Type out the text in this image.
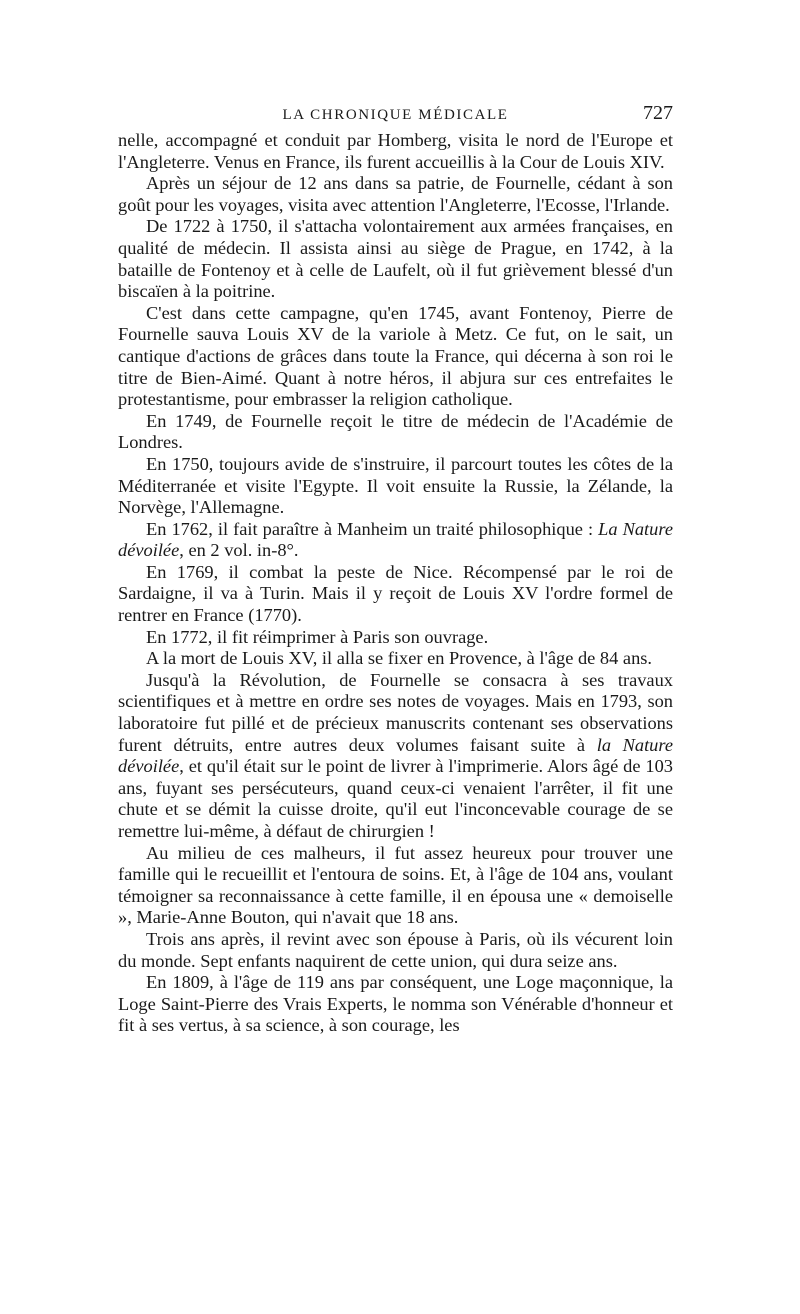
LA CHRONIQUE MÉDICALE	727

nelle, accompagné et conduit par Homberg, visita le nord de l'Europe et l'Angleterre. Venus en France, ils furent accueillis à la Cour de Louis XIV.

Après un séjour de 12 ans dans sa patrie, de Fournelle, cédant à son goût pour les voyages, visita avec attention l'Angleterre, l'Ecosse, l'Irlande.

De 1722 à 1750, il s'attacha volontairement aux armées françaises, en qualité de médecin. Il assista ainsi au siège de Prague, en 1742, à la bataille de Fontenoy et à celle de Laufelt, où il fut grièvement blessé d'un biscaïen à la poitrine.

C'est dans cette campagne, qu'en 1745, avant Fontenoy, Pierre de Fournelle sauva Louis XV de la variole à Metz. Ce fut, on le sait, un cantique d'actions de grâces dans toute la France, qui décerna à son roi le titre de Bien-Aimé. Quant à notre héros, il abjura sur ces entrefaites le protestantisme, pour embrasser la religion catholique.

En 1749, de Fournelle reçoit le titre de médecin de l'Académie de Londres.

En 1750, toujours avide de s'instruire, il parcourt toutes les côtes de la Méditerranée et visite l'Egypte. Il voit ensuite la Russie, la Zélande, la Norvège, l'Allemagne.

En 1762, il fait paraître à Manheim un traité philosophique : La Nature dévoilée, en 2 vol. in-8°.

En 1769, il combat la peste de Nice. Récompensé par le roi de Sardaigne, il va à Turin. Mais il y reçoit de Louis XV l'ordre formel de rentrer en France (1770).

En 1772, il fit réimprimer à Paris son ouvrage.

A la mort de Louis XV, il alla se fixer en Provence, à l'âge de 84 ans.

Jusqu'à la Révolution, de Fournelle se consacra à ses travaux scientifiques et à mettre en ordre ses notes de voyages. Mais en 1793, son laboratoire fut pillé et de précieux manuscrits contenant ses observations furent détruits, entre autres deux volumes faisant suite à la Nature dévoilée, et qu'il était sur le point de livrer à l'imprimerie. Alors âgé de 103 ans, fuyant ses persécuteurs, quand ceux-ci venaient l'arrêter, il fit une chute et se démit la cuisse droite, qu'il eut l'inconcevable courage de se remettre lui-même, à défaut de chirurgien !

Au milieu de ces malheurs, il fut assez heureux pour trouver une famille qui le recueillit et l'entoura de soins. Et, à l'âge de 104 ans, voulant témoigner sa reconnaissance à cette famille, il en épousa une « demoiselle », Marie-Anne Bouton, qui n'avait que 18 ans.

Trois ans après, il revint avec son épouse à Paris, où ils vécurent loin du monde. Sept enfants naquirent de cette union, qui dura seize ans.

En 1809, à l'âge de 119 ans par conséquent, une Loge maçonnique, la Loge Saint-Pierre des Vrais Experts, le nomma son Vénérable d'honneur et fit à ses vertus, à sa science, à son courage, les
